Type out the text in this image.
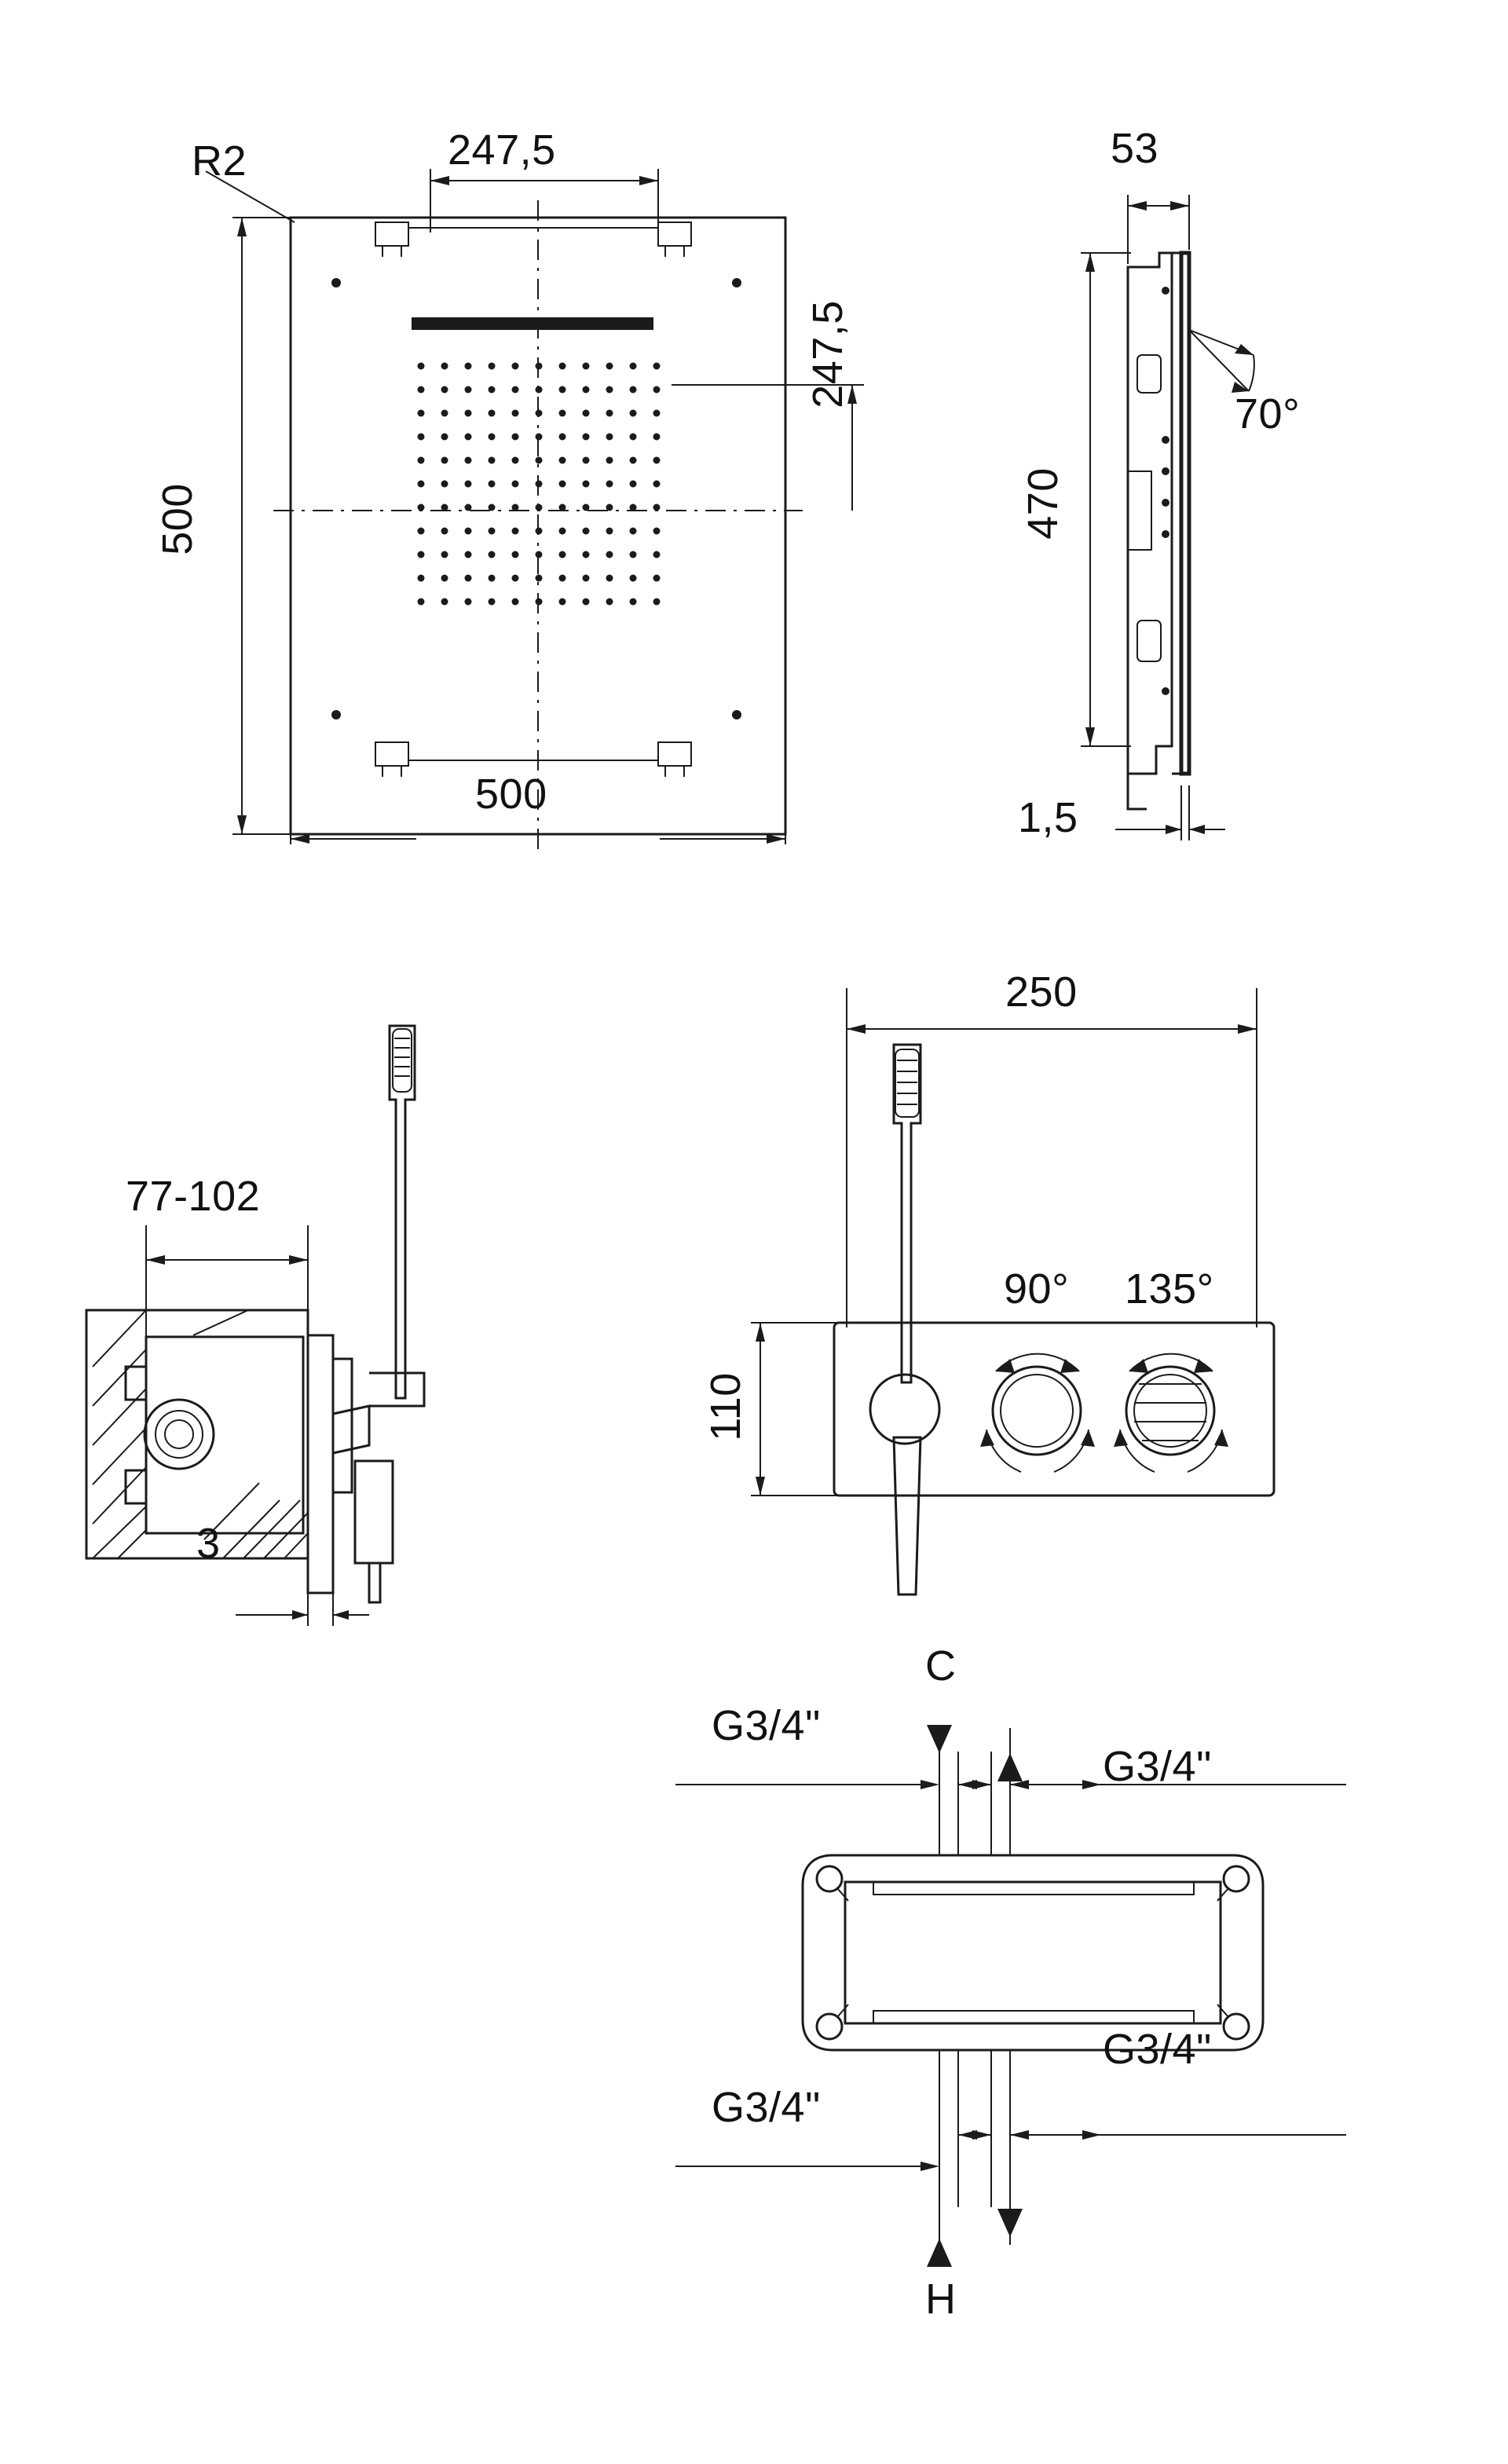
R2	247,5
247,5
500
500
53
470
1,5
70°
77-102
3
250
110
90° 135°
C
H
G3/4"
G3/4"
G3/4"
G3/4"
